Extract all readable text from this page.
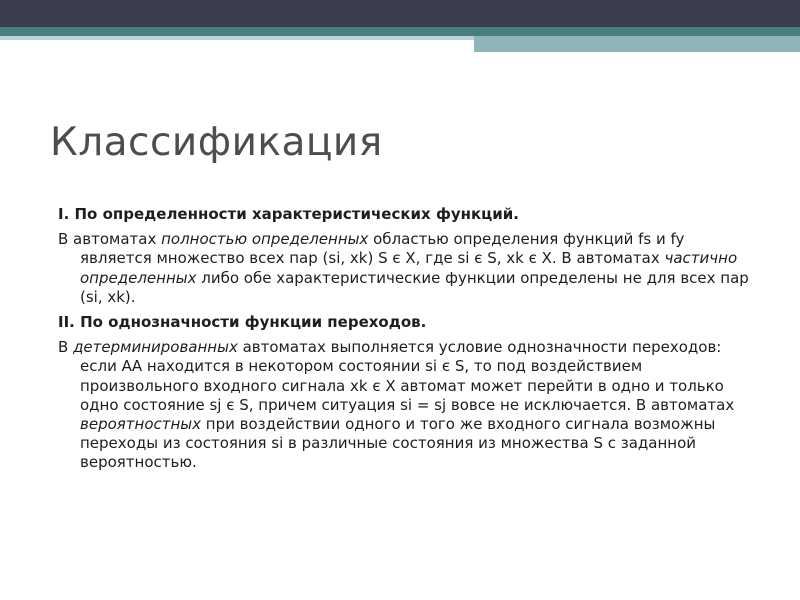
Классификация

I. По определенности характеристических функций.

В автоматах полностью определенных областью определения функций fs и fy является множество всех пар (si, xk) S є X, где si є S, xk є X. В автоматах частично определенных либо обе характеристические функции определены не для всех пар (si, xk).

II. По однозначности функции переходов.

В детерминированных автоматах выполняется условие однозначности переходов: если АА находится в некотором состоянии si є S, то под воздействием произвольного входного сигнала xk є X автомат может перейти в одно и только одно состояние sj є S, причем ситуация si = sj вовсе не исключается. В автоматах вероятностных при воздействии одного и того же входного сигнала возможны переходы из состояния si в различные состояния из множества S с заданной вероятностью.
